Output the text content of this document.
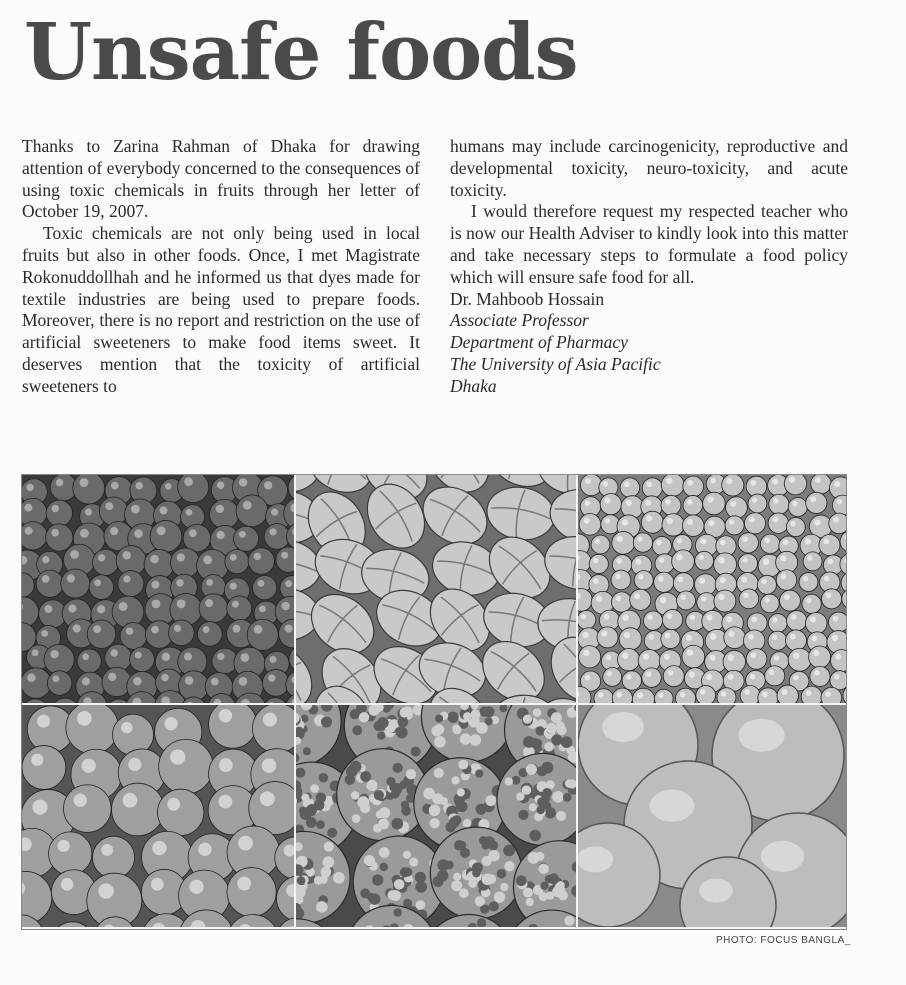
Unsafe foods

Thanks to Zarina Rahman of Dhaka for drawing attention of everybody concerned to the consequences of using toxic chemicals in fruits through her letter of October 19, 2007.

Toxic chemicals are not only being used in local fruits but also in other foods. Once, I met Magistrate Rokonuddollhah and he informed us that dyes made for textile industries are being used to prepare foods. Moreover, there is no report and restriction on the use of artificial sweeteners to make food items sweet. It deserves mention that the toxicity of artificial sweeteners to

humans may include carcinogenicity, reproductive and developmental toxicity, neuro-toxicity, and acute toxicity.

I would therefore request my respected teacher who is now our Health Adviser to kindly look into this matter and take necessary steps to formulate a food policy which will ensure safe food for all.

Dr. Mahboob Hossain

Associate Professor

Department of Pharmacy

The University of Asia Pacific

Dhaka

PHOTO: FOCUS BANGLA_
